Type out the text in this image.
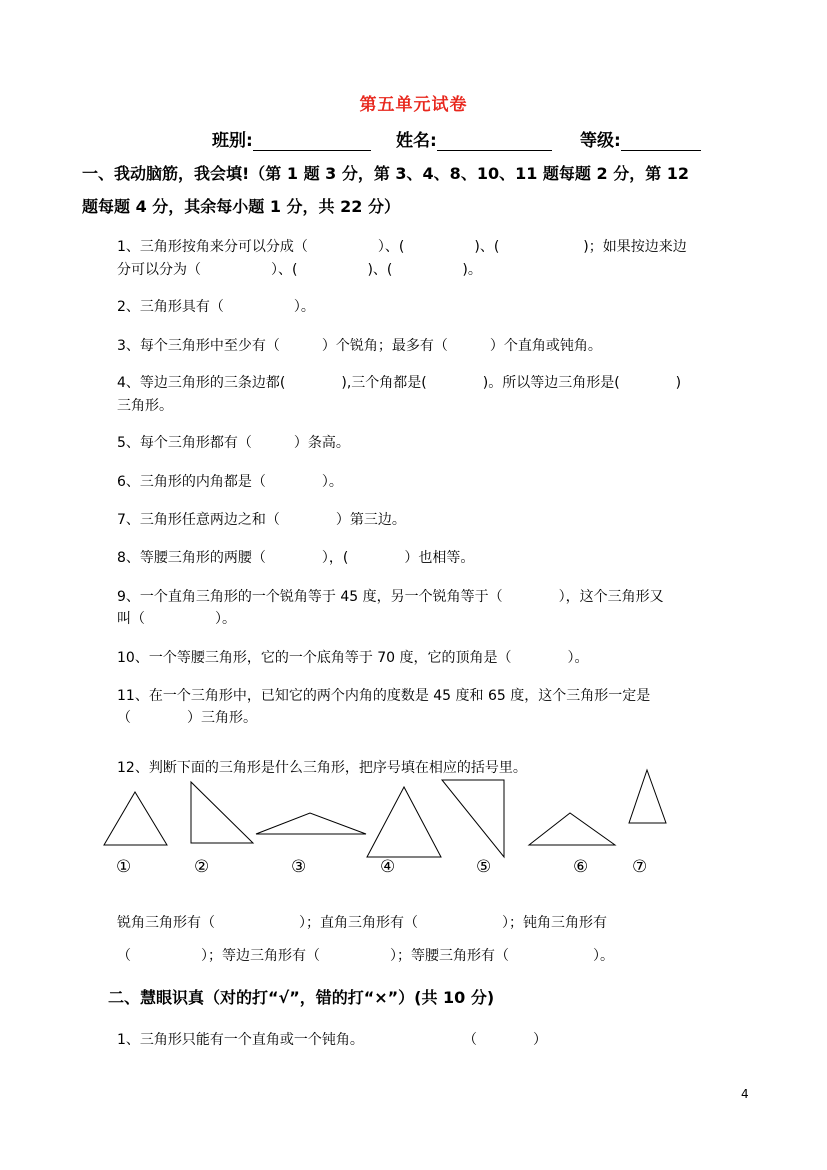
第五单元试卷
班别:	姓名:	等级:
一、我动脑筋，我会填!（第 1 题 3 分，第 3、4、8、10、11 题每题 2 分，第 12
题每题 4 分，其余每小题 1 分，共 22 分）
1、三角形按角来分可以分成（　　　　　）、(　　　　　)、(　　　　　　)；如果按边来边
分可以分为（　　　　　）、(　　　　　)、(　　　　　)。
2、三角形具有（　　　　　）。
3、每个三角形中至少有（　　　）个锐角；最多有（　　　）个直角或钝角。
4、等边三角形的三条边都(　　　　),三个角都是(　　　　)。所以等边三角形是(　　　　)
三角形。
5、每个三角形都有（　　　）条高。
6、三角形的内角都是（　　　　）。
7、三角形任意两边之和（　　　　）第三边。
8、等腰三角形的两腰（　　　　），(　　　　）也相等。
9、一个直角三角形的一个锐角等于 45 度，另一个锐角等于（　　　　），这个三角形又
叫（　　　　　）。
10、一个等腰三角形，它的一个底角等于 70 度，它的顶角是（　　　　）。
11、在一个三角形中，已知它的两个内角的度数是 45 度和 65 度，这个三角形一定是
（　　　　）三角形。
12、判断下面的三角形是什么三角形，把序号填在相应的括号里。
①	②	③	④	⑤	⑥	⑦
锐角三角形有（　　　　　　）；直角三角形有（　　　　　　）；钝角三角形有
（　　　　　）；等边三角形有（　　　　　）；等腰三角形有（　　　　　　）。
二、慧眼识真（对的打“√”，错的打“×”）(共 10 分)
1、三角形只能有一个直角或一个钝角。	（　　　　）
4
